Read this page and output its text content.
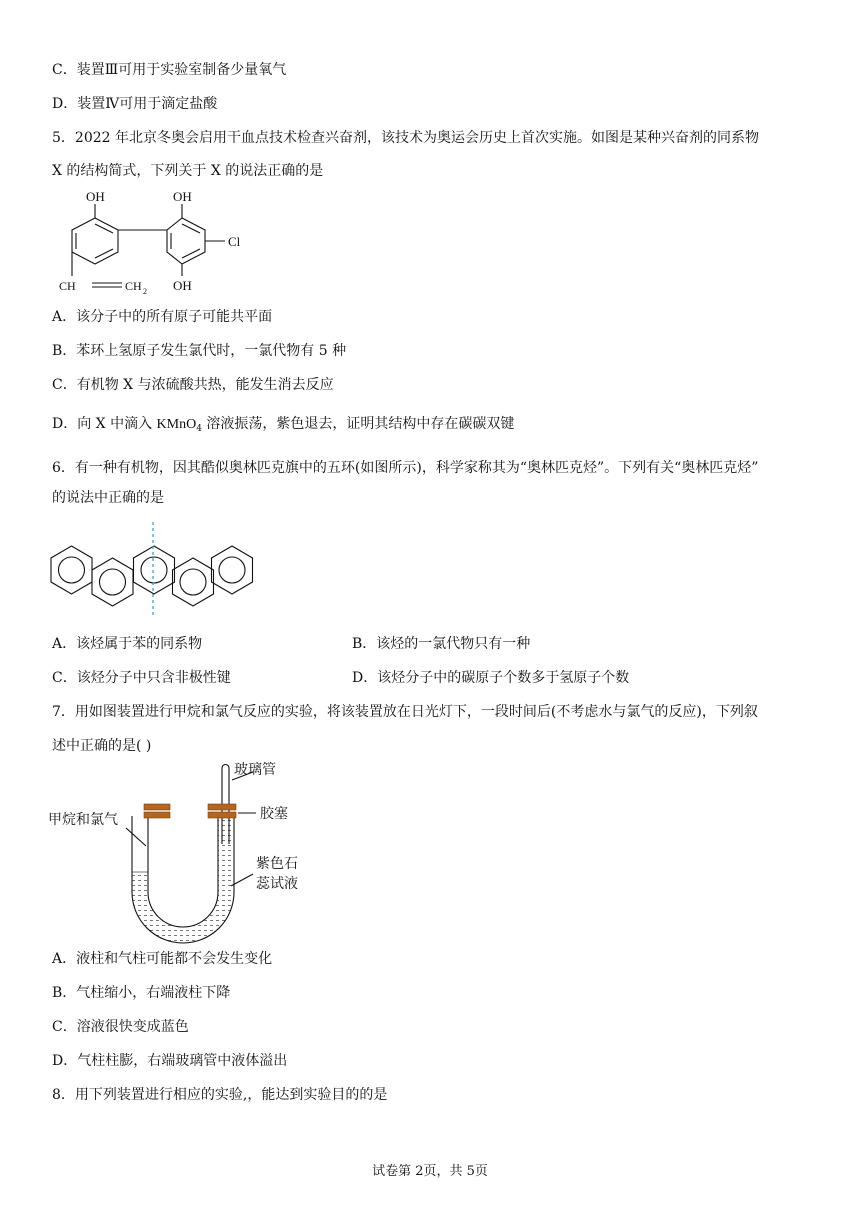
C．装置Ⅲ可用于实验室制备少量氧气
D．装置Ⅳ可用于滴定盐酸
5．2022 年北京冬奥会启用干血点技术检查兴奋剂，该技术为奥运会历史上首次实施。如图是某种兴奋剂的同系物
X 的结构简式，下列关于 X 的说法正确的是
OH	OH
OH
Cl
CH	CH 2
A．该分子中的所有原子可能共平面
B．苯环上氢原子发生氯代时，一氯代物有 5 种
C．有机物 X 与浓硫酸共热，能发生消去反应
D．向 X 中滴入 KMnO$_4$ 溶液振荡，紫色退去，证明其结构中存在碳碳双键
6．有一种有机物，因其酷似奥林匹克旗中的五环(如图所示)，科学家称其为“奥林匹克烃”。下列有关“奥林匹克烃”
的说法中正确的是
A．该烃属于苯的同系物	B．该烃的一氯代物只有一种
C．该烃分子中只含非极性键	D．该烃分子中的碳原子个数多于氢原子个数
7．用如图装置进行甲烷和氯气反应的实验，将该装置放在日光灯下，一段时间后(不考虑水与氯气的反应)，下列叙
述中正确的是( )
玻璃管
甲烷和氯气	胶塞
紫色石
蕊试液
A．液柱和气柱可能都不会发生变化
B．气柱缩小，右端液柱下降
C．溶液很快变成蓝色
D．气柱柱膨，右端玻璃管中液体溢出
8．用下列装置进行相应的实验,，能达到实验目的的是
试卷第 2页，共 5页
